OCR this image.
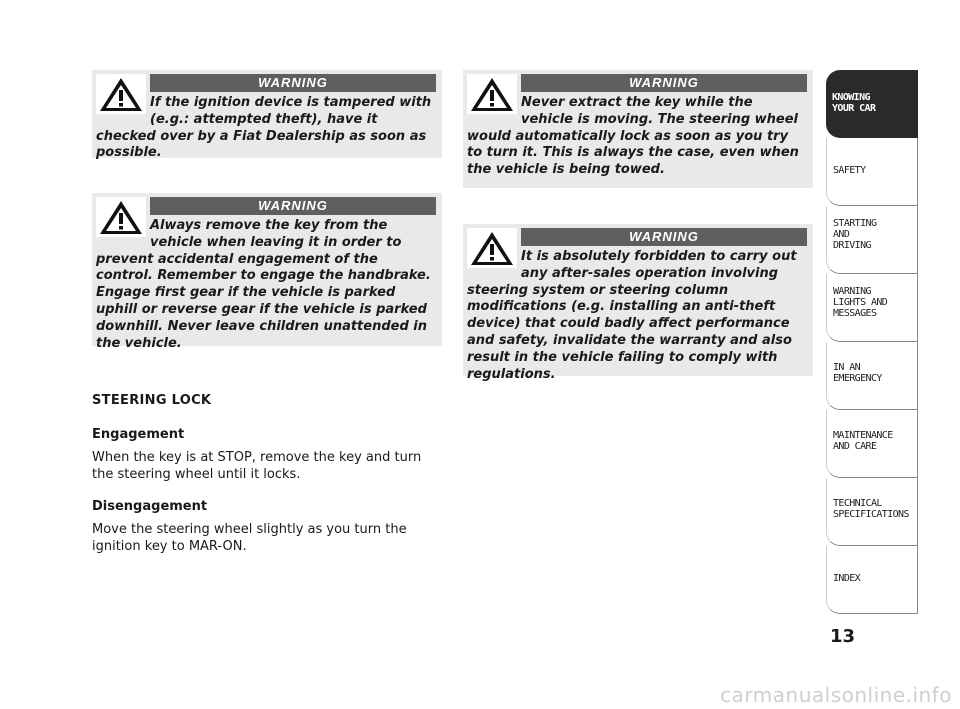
WARNING

If the ignition device is tampered with (e.g.: attempted theft), have it checked over by a Fiat Dealership as soon as possible.

WARNING

Always remove the key from the vehicle when leaving it in order to prevent accidental engagement of the control. Remember to engage the handbrake. Engage first gear if the vehicle is parked uphill or reverse gear if the vehicle is parked downhill. Never leave children unattended in the vehicle.

WARNING

Never extract the key while the vehicle is moving. The steering wheel would automatically lock as soon as you try to turn it. This is always the case, even when the vehicle is being towed.

WARNING

It is absolutely forbidden to carry out any after-sales operation involving steering system or steering column modifications (e.g. installing an anti-theft device) that could badly affect performance and safety, invalidate the warranty and also result in the vehicle failing to comply with regulations.

STEERING LOCK
Engagement

When the key is at STOP, remove the key and turn the steering wheel until it locks.

Disengagement

Move the steering wheel slightly as you turn the ignition key to MAR-ON.

KNOWING
YOUR CAR
SAFETY
STARTING
AND
DRIVING
WARNING
LIGHTS AND
MESSAGES
IN AN
EMERGENCY
MAINTENANCE
AND CARE
TECHNICAL
SPECIFICATIONS
INDEX
13
carmanualsonline.info
